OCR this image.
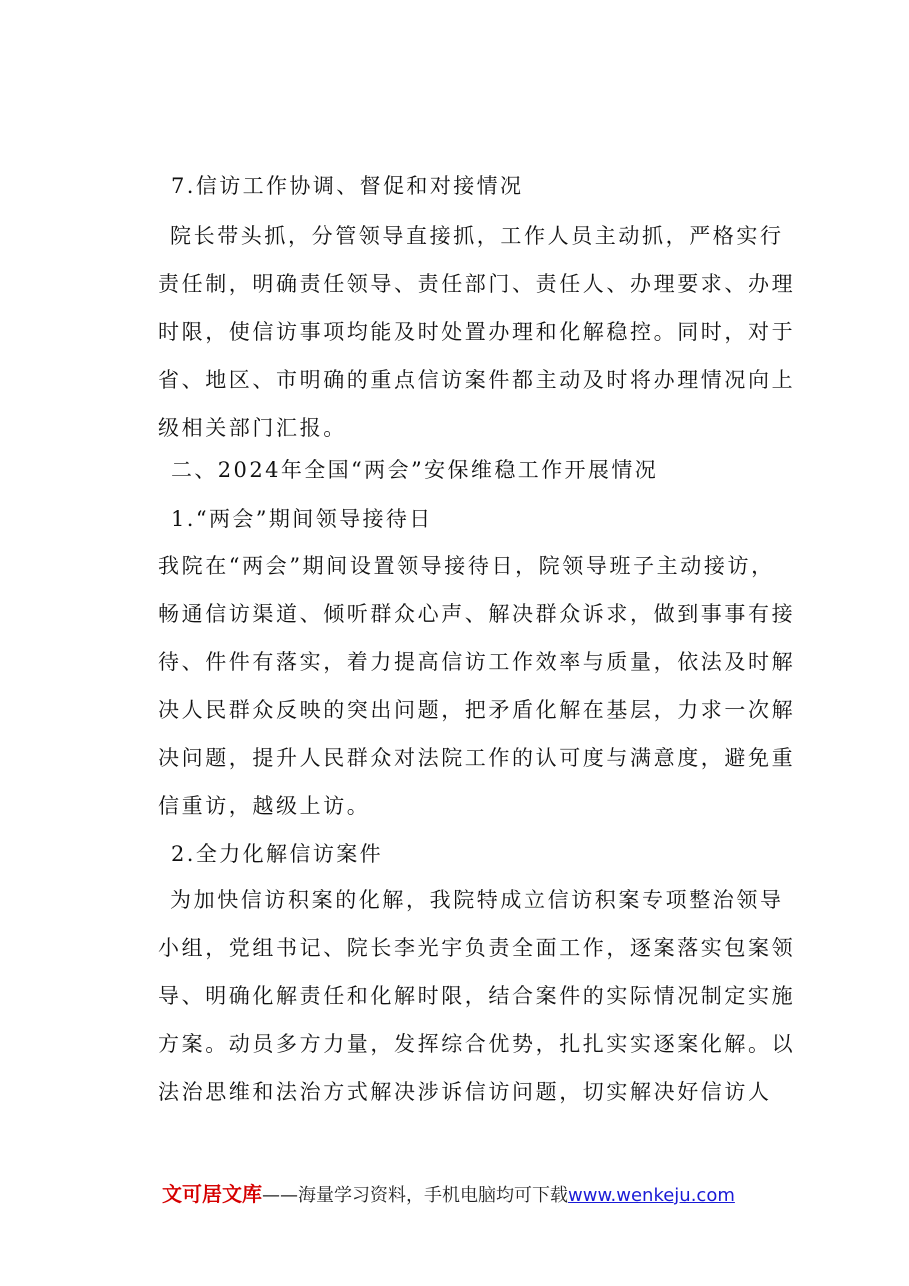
7.信访工作协调、督促和对接情况
院长带头抓，分管领导直接抓，工作人员主动抓，严格实行责任制，明确责任领导、责任部门、责任人、办理要求、办理时限，使信访事项均能及时处置办理和化解稳控。同时，对于省、地区、市明确的重点信访案件都主动及时将办理情况向上级相关部门汇报。
二、2024年全国“两会”安保维稳工作开展情况
1.“两会”期间领导接待日
我院在“两会”期间设置领导接待日，院领导班子主动接访，畅通信访渠道、倾听群众心声、解决群众诉求，做到事事有接待、件件有落实，着力提高信访工作效率与质量，依法及时解决人民群众反映的突出问题，把矛盾化解在基层，力求一次解决问题，提升人民群众对法院工作的认可度与满意度，避免重信重访，越级上访。
2.全力化解信访案件
为加快信访积案的化解，我院特成立信访积案专项整治领导小组，党组书记、院长李光宇负责全面工作，逐案落实包案领导、明确化解责任和化解时限，结合案件的实际情况制定实施方案。动员多方力量，发挥综合优势，扎扎实实逐案化解。以法治思维和法治方式解决涉诉信访问题，切实解决好信访人
文可居文库——海量学习资料，手机电脑均可下载www.wenkeju.com
